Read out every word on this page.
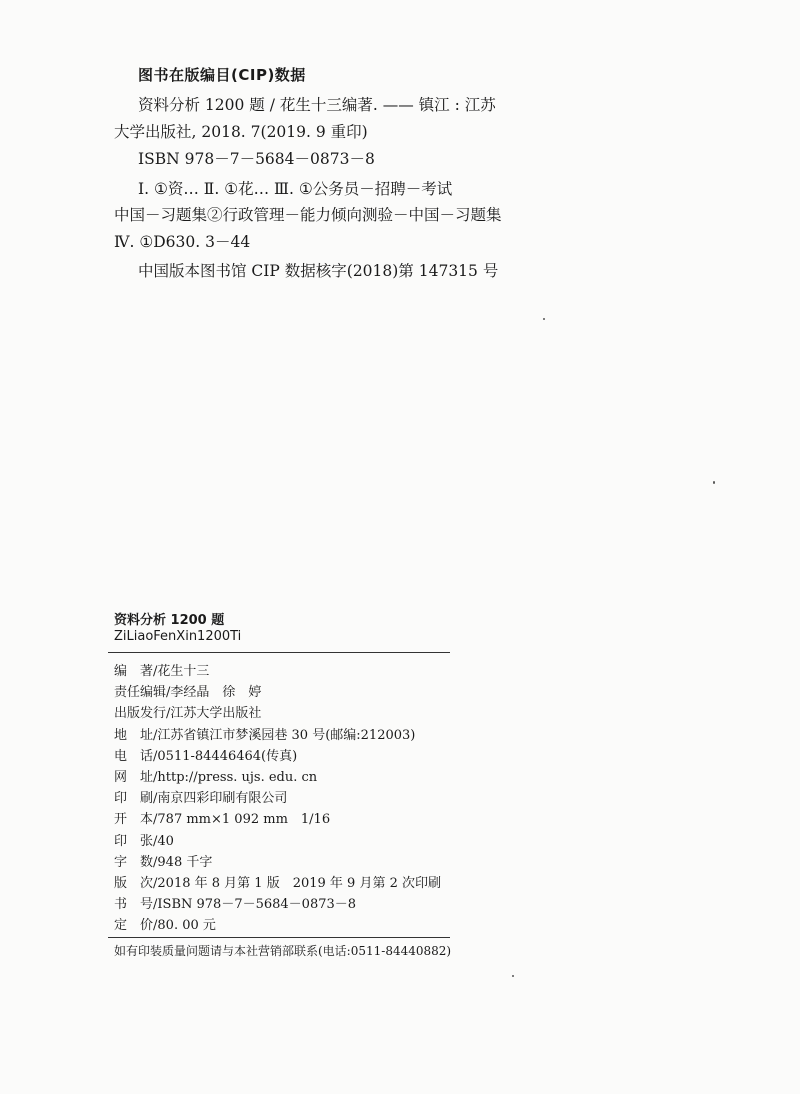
图书在版编目(CIP)数据

资料分析 1200 题 / 花生十三编著. —— 镇江 : 江苏

大学出版社, 2018. 7(2019. 9 重印)

ISBN 978－7－5684－0873－8

Ⅰ. ①资… Ⅱ. ①花… Ⅲ. ①公务员－招聘－考试

中国－习题集②行政管理－能力倾向测验－中国－习题集

Ⅳ. ①D630. 3－44

中国版本图书馆 CIP 数据核字(2018)第 147315 号

资料分析 1200 题

ZiLiaoFenXin1200Ti

编　著/花生十三
责任编辑/李经晶　徐　婷
出版发行/江苏大学出版社
地　址/江苏省镇江市梦溪园巷 30 号(邮编:212003)
电　话/0511-84446464(传真)
网　址/http://press. ujs. edu. cn
印　刷/南京四彩印刷有限公司
开　本/787 mm×1 092 mm　1/16
印　张/40
字　数/948 千字
版　次/2018 年 8 月第 1 版　2019 年 9 月第 2 次印刷
书　号/ISBN 978－7－5684－0873－8
定　价/80. 00 元

如有印装质量问题请与本社营销部联系(电话:0511-84440882)
